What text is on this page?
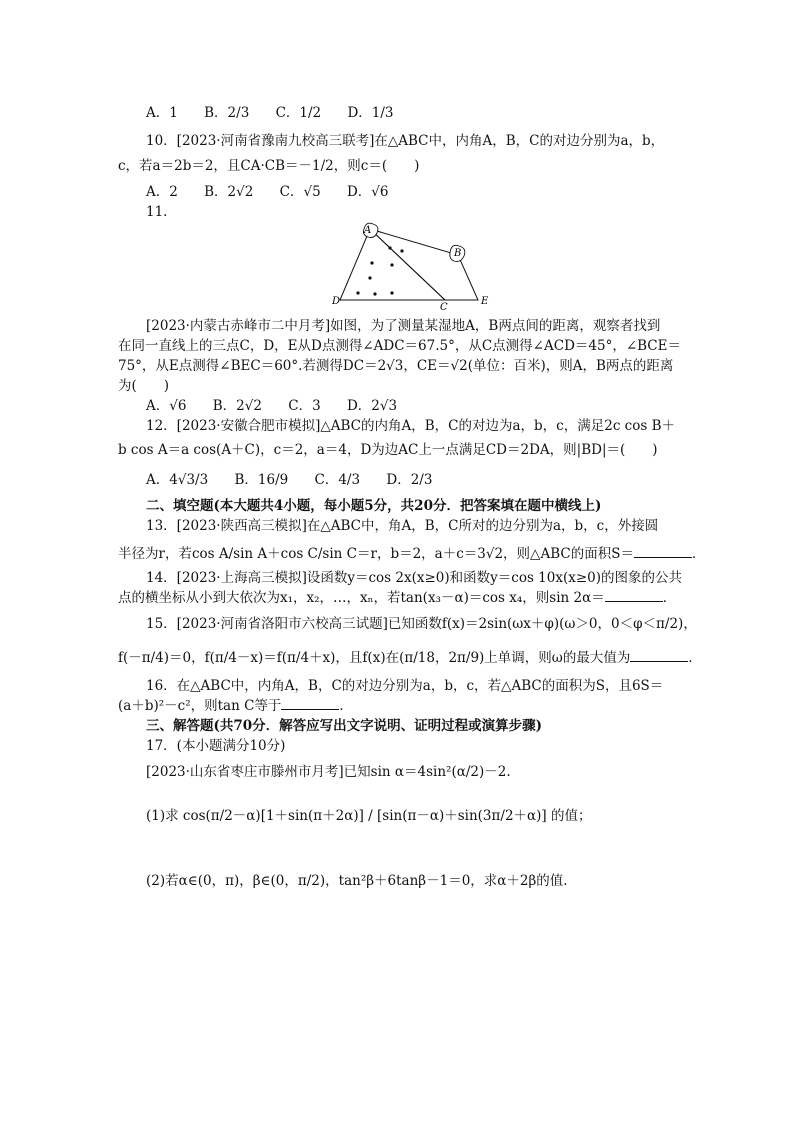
A．1 B．2/3 C．1/2 D．1/3
10．[2023·河南省豫南九校高三联考]在△ABC中，内角A，B，C的对边分别为a，b，
c，若a＝2b＝2，且CA·CB＝－1/2，则c＝(　　)
A．2 B．2√2 C．√5 D．√6
11.
A
B
C
D	E
[2023·内蒙古赤峰市二中月考]如图，为了测量某湿地A，B两点间的距离，观察者找到
在同一直线上的三点C，D，E从D点测得∠ADC＝67.5°，从C点测得∠ACD＝45°，∠BCE＝
75°，从E点测得∠BEC＝60°.若测得DC＝2√3，CE＝√2(单位：百米)，则A，B两点的距离
为(　　)
A．√6 B．2√2 C．3 D．2√3
12．[2023·安徽合肥市模拟]△ABC的内角A，B，C的对边为a，b，c，满足2c cos B＋
b cos A＝a cos(A＋C)，c＝2，a＝4，D为边AC上一点满足CD＝2DA，则|BD|＝(　　)
A．4√3/3 B．16/9 C．4/3 D．2/3
二、填空题(本大题共4小题，每小题5分，共20分．把答案填在题中横线上)
13．[2023·陕西高三模拟]在△ABC中，角A，B，C所对的边分别为a，b，c，外接圆
半径为r，若cos A/sin A＋cos C/sin C＝r，b＝2，a＋c＝3√2，则△ABC的面积S＝	．
14．[2023·上海高三模拟]设函数y＝cos 2x(x≥0)和函数y＝cos 10x(x≥0)的图象的公共
点的横坐标从小到大依次为x₁，x₂，…，xₙ，若tan(x₃－α)＝cos x₄，则sin 2α＝	．
15．[2023·河南省洛阳市六校高三试题]已知函数f(x)＝2sin(ωx＋φ)(ω＞0，0＜φ＜π/2)，
f(－π/4)＝0，f(π/4－x)＝f(π/4＋x)，且f(x)在(π/18，2π/9)上单调，则ω的最大值为	．
16．在△ABC中，内角A，B，C的对边分别为a，b，c，若△ABC的面积为S，且6S＝
(a＋b)²－c²，则tan C等于	．
三、解答题(共70分．解答应写出文字说明、证明过程或演算步骤)
17．(本小题满分10分)
[2023·山东省枣庄市滕州市月考]已知sin α＝4sin²(α/2)－2.
(1)求 cos(π/2－α)[1＋sin(π＋2α)] / [sin(π－α)＋sin(3π/2＋α)] 的值；
(2)若α∈(0，π)，β∈(0，π/2)，tan²β＋6tanβ－1＝0，求α＋2β的值.
